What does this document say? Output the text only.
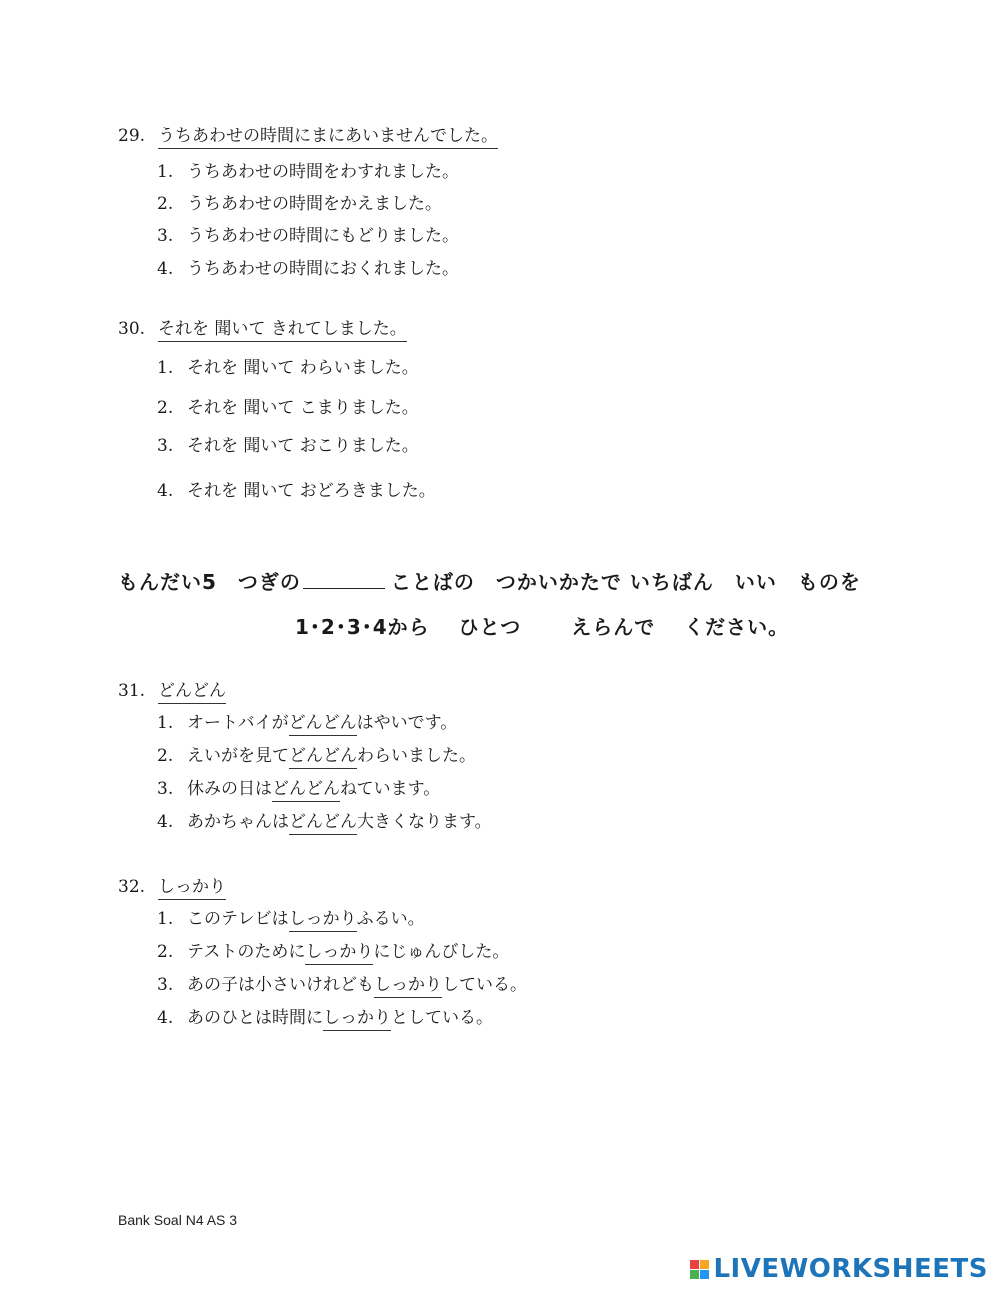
29. うちあわせの時間にまにあいませんでした。
1. うちあわせの時間をわすれました。
2. うちあわせの時間をかえました。
3. うちあわせの時間にもどりました。
4. うちあわせの時間におくれました。
30. それを 聞いて きれてしました。
1. それを 聞いて わらいました。
2. それを 聞いて こまりました。
3. それを 聞いて おこりました。
4. それを 聞いて おどろきました。
もんだい5　つぎの	ことばの　つかいかたで いちばん　いい　ものを
1･2･3･4から　 ひとつ　　 えらんで　 ください。
31. どんどん
1. オートバイがどんどんはやいです。
2. えいがを見てどんどんわらいました。
3. 休みの日はどんどんねています。
4. あかちゃんはどんどん大きくなります。
32. しっかり
1. このテレビはしっかりふるい。
2. テストのためにしっかりにじゅんびした。
3. あの子は小さいけれどもしっかりしている。
4. あのひとは時間にしっかりとしている。
Bank Soal N4 AS 3
LIVEWORKSHEETS
